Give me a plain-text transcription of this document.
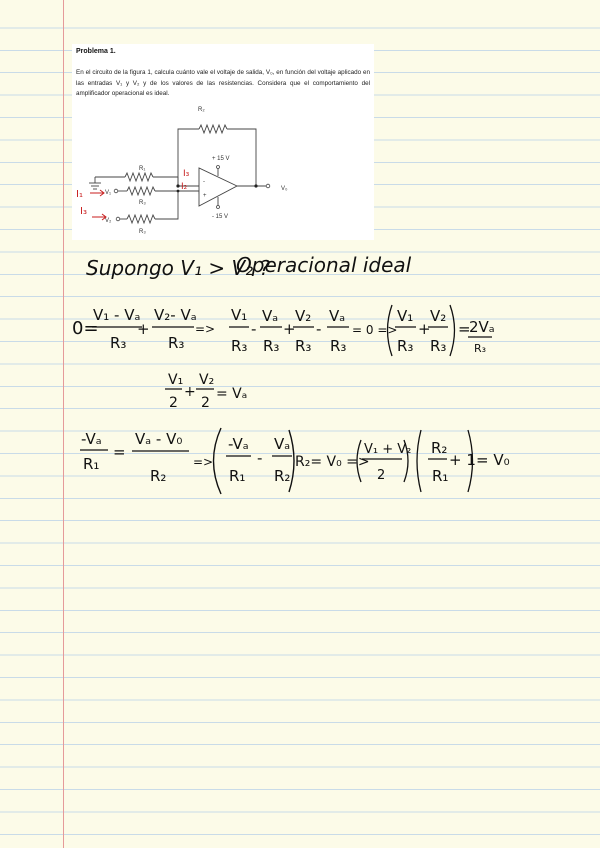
Problema 1.
En el circuito de la figura 1, calcula cuánto vale el voltaje de salida, V₀, en función del voltaje aplicado en las entradas V₁ y V₂ y de los valores de las resistencias. Considera que el comportamiento del amplificador operacional es ideal.
R₂
R₁
R₃
R₃
+ 15 V
- 15 V
-
+
V₁
V₂
V₀
I₃
I₂
I₁
I₃
Supongo V₁ > V₂ ?
Operacional ideal
0=
V₁ - Vₐ
R₃
+
V₂- Vₐ
R₃
=>
V₁
R₃
-
Vₐ
R₃
+
V₂
R₃
-
Vₐ
R₃
= 0 =>
V₁
R₃
+
V₂
R₃
=
2Vₐ
R₃
V₁
2
+
V₂
2
= Vₐ
-Vₐ
R₁
=
Vₐ - V₀
R₂
=>
-Vₐ
R₁
-
Vₐ
R₂
R₂= V₀ =>
V₁ + V₂
2
R₂
R₁
+ 1 = V₀
